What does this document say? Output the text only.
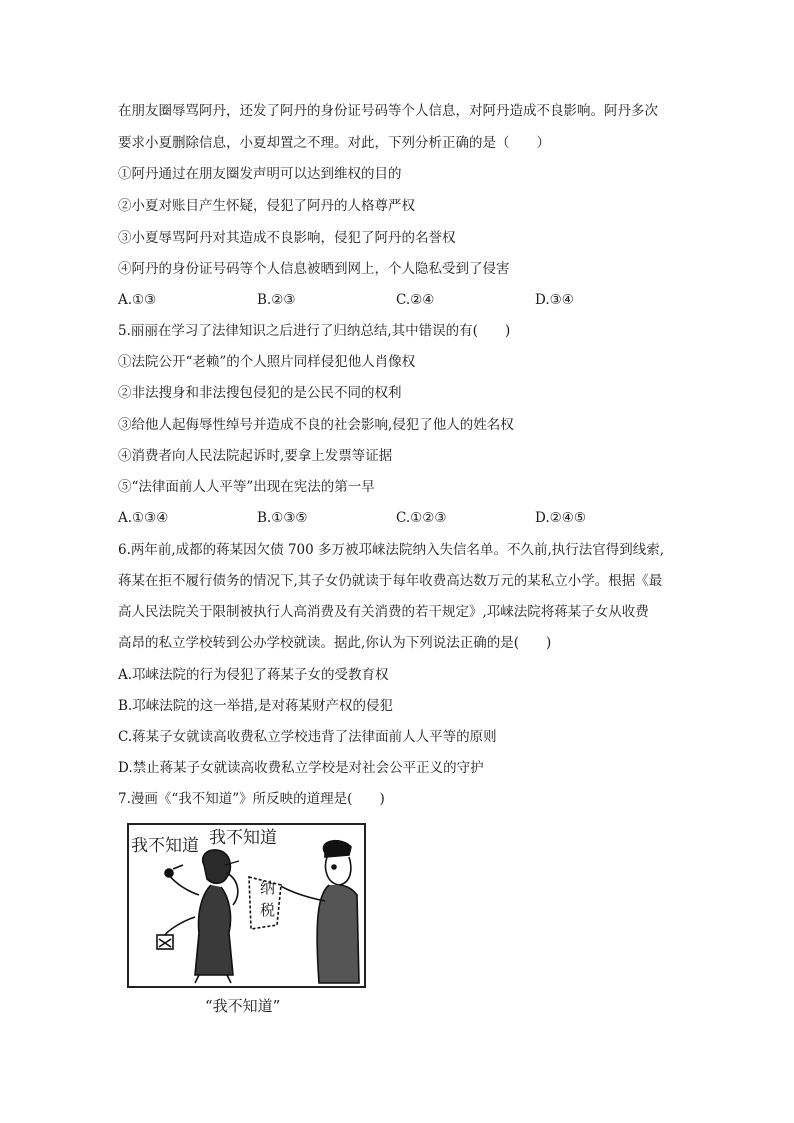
在朋友圈辱骂阿丹，还发了阿丹的身份证号码等个人信息，对阿丹造成不良影响。阿丹多次
要求小夏删除信息，小夏却置之不理。对此，下列分析正确的是（　　）
①阿丹通过在朋友圈发声明可以达到维权的目的
②小夏对账目产生怀疑，侵犯了阿丹的人格尊严权
③小夏辱骂阿丹对其造成不良影响，侵犯了阿丹的名誉权
④阿丹的身份证号码等个人信息被晒到网上，个人隐私受到了侵害
A.①③	B.②③	C.②④	D.③④
5.丽丽在学习了法律知识之后进行了归纳总结,其中错误的有(　　)
①法院公开“老赖”的个人照片同样侵犯他人肖像权
②非法搜身和非法搜包侵犯的是公民不同的权利
③给他人起侮辱性绰号并造成不良的社会影响,侵犯了他人的姓名权
④消费者向人民法院起诉时,要拿上发票等证据
⑤“法律面前人人平等”出现在宪法的第一早
A.①③④	B.①③⑤	C.①②③	D.②④⑤
6.两年前,成都的蒋某因欠债 700 多万被邛崃法院纳入失信名单。不久前,执行法官得到线索,
蒋某在拒不履行债务的情况下,其子女仍就读于每年收费高达数万元的某私立小学。根据《最
高人民法院关于限制被执行人高消费及有关消费的若干规定》,邛崃法院将蒋某子女从收费
高昂的私立学校转到公办学校就读。据此,你认为下列说法正确的是(　　)
A.邛崃法院的行为侵犯了蒋某子女的受教育权
B.邛崃法院的这一举措,是对蒋某财产权的侵犯
C.蒋某子女就读高收费私立学校违背了法律面前人人平等的原则
D.禁止蒋某子女就读高收费私立学校是对社会公平正义的守护
7.漫画《“我不知道”》所反映的道理是(　　)
我不知道 我不知道
纳
税
“我不知道”
